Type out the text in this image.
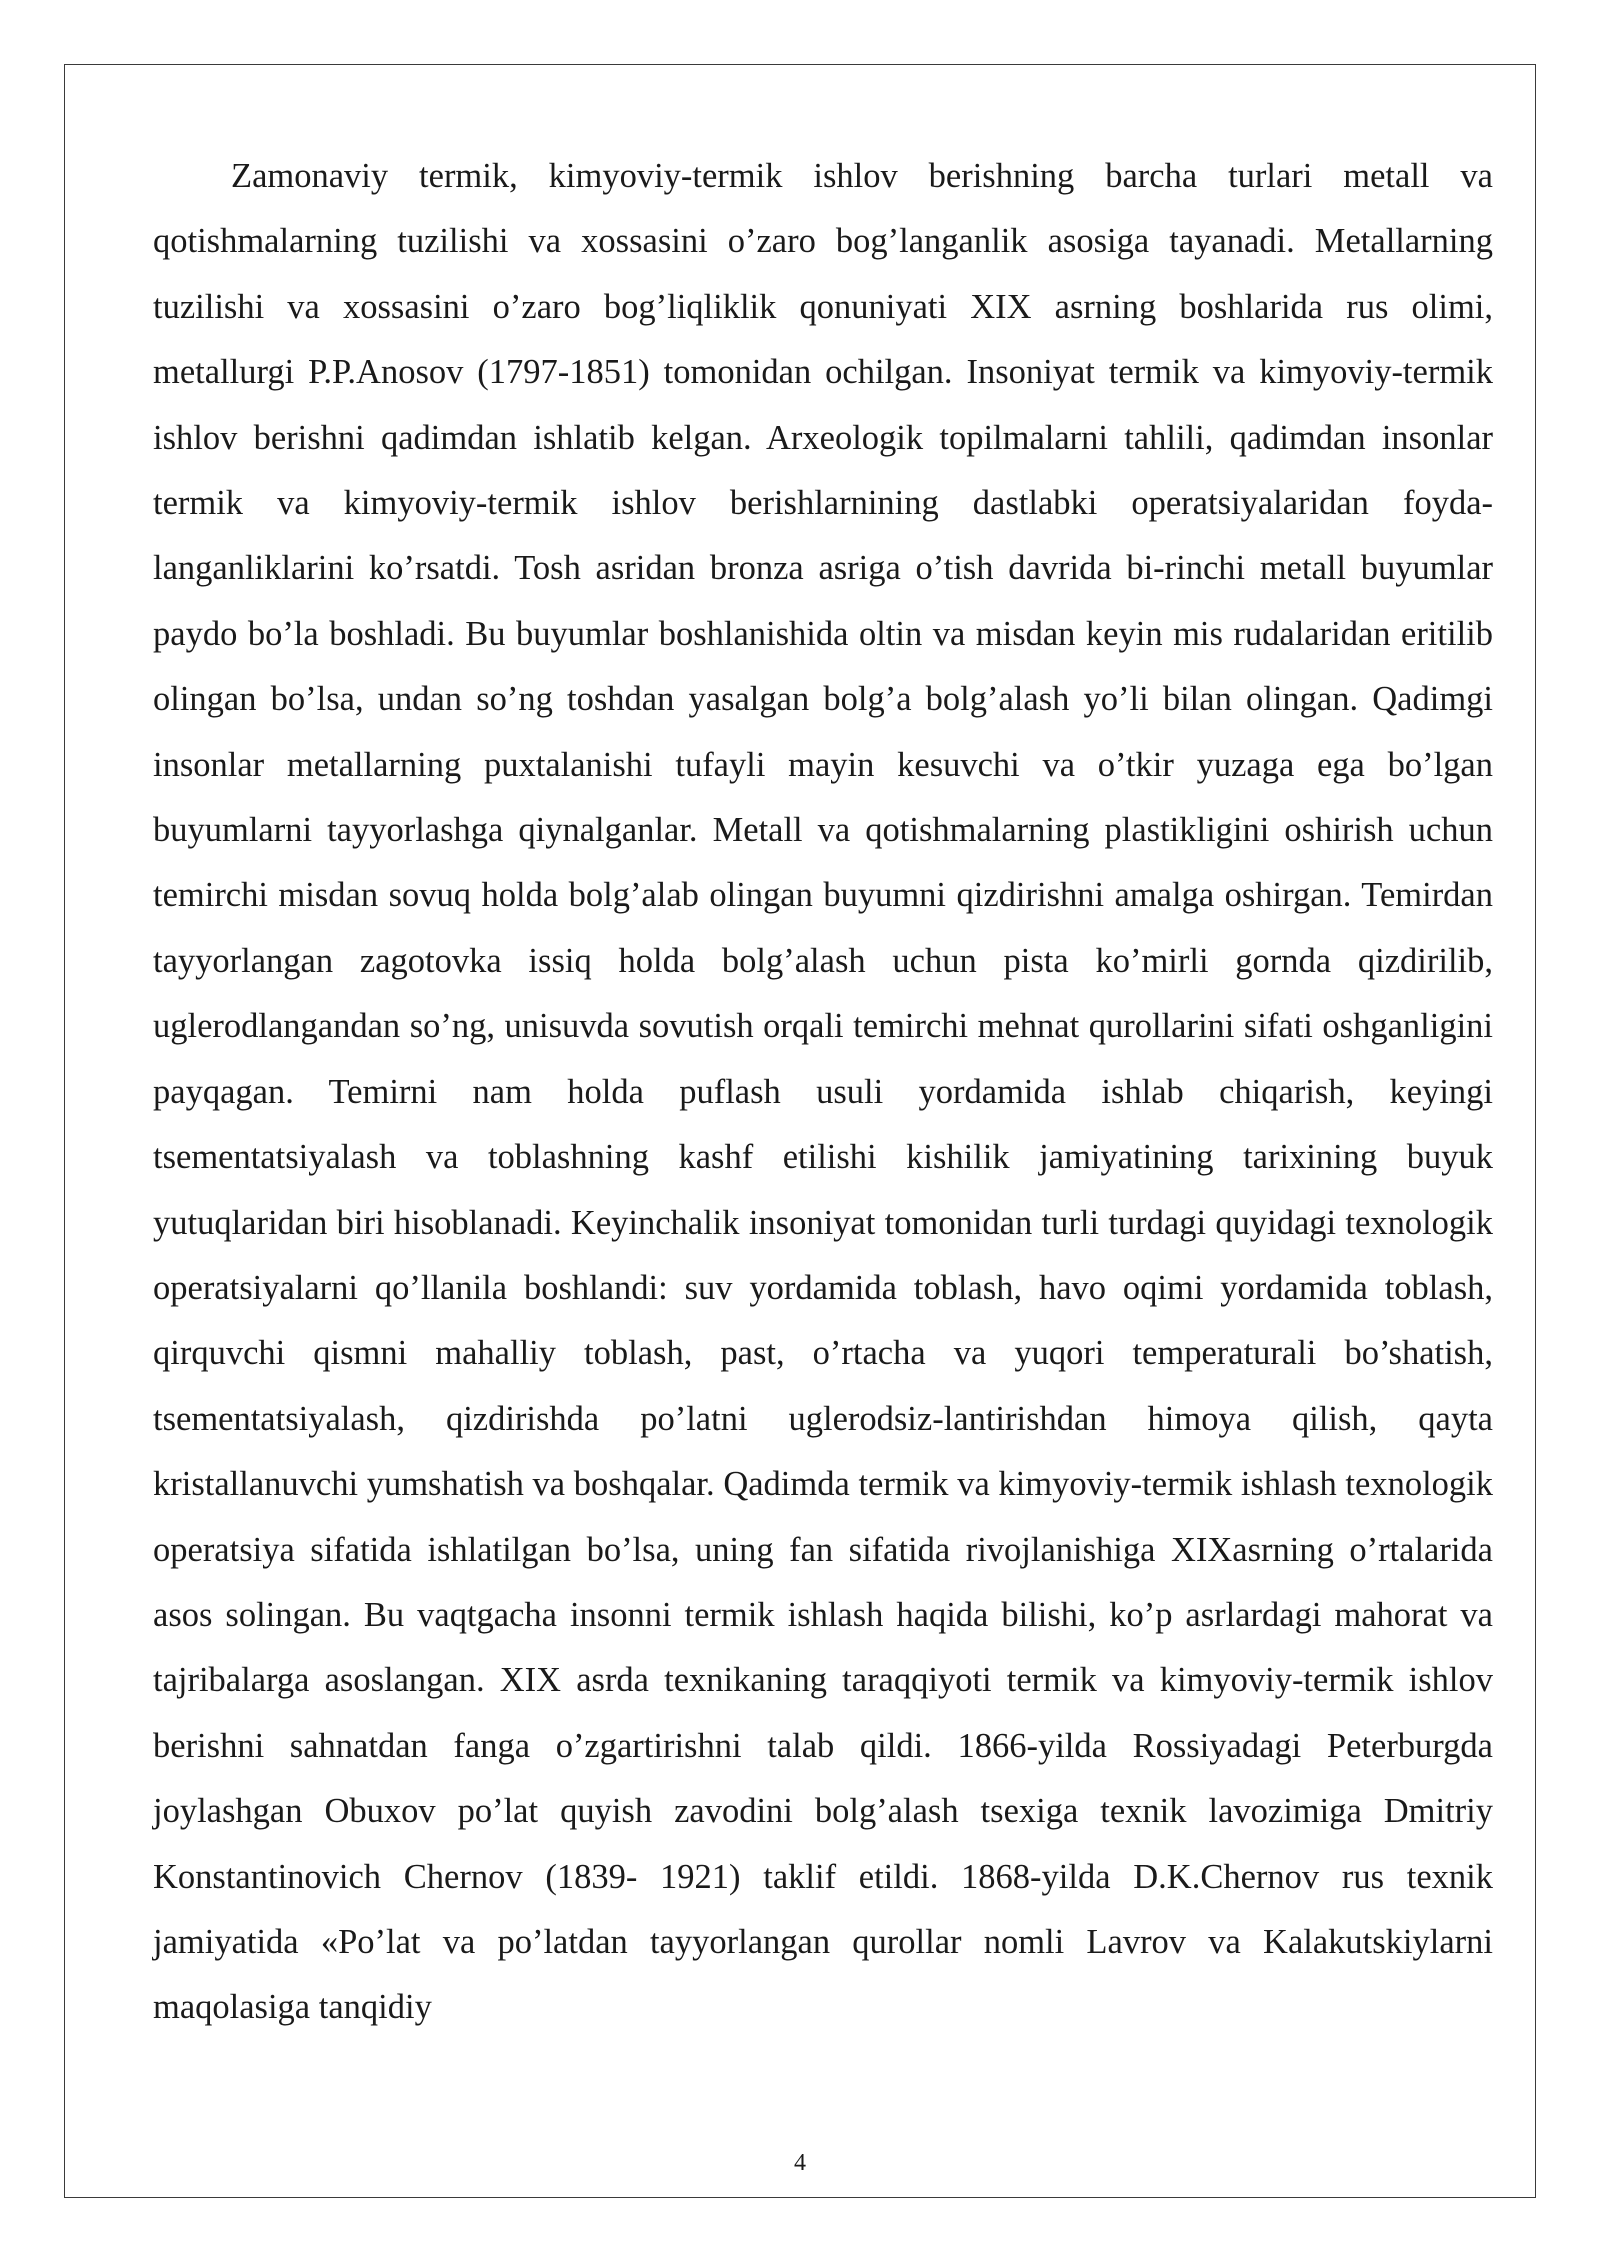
Zamonaviy termik, kimyoviy-termik ishlov berishning barcha turlari metall va qotishmalarning tuzilishi va xossasini o’zaro bog’langanlik asosiga tayanadi. Metallarning tuzilishi va xossasini o’zaro bog’liqliklik qonuniyati XIX asrning boshlarida rus olimi, metallurgi P.P.Anosov (1797-1851) tomonidan ochilgan. Insoniyat termik va kimyoviy-termik ishlov berishni qadimdan ishlatib kelgan. Arxeologik topilmalarni tahlili, qadimdan insonlar termik va kimyoviy-termik ishlov berishlarnining dastlabki operatsiyalaridan foyda-langanliklarini ko’rsatdi. Tosh asridan bronza asriga o’tish davrida bi-rinchi metall buyumlar paydo bo’la boshladi. Bu buyumlar boshlanishida oltin va misdan keyin mis rudalaridan eritilib olingan bo’lsa, undan so’ng toshdan yasalgan bolg’a bolg’alash yo’li bilan olingan. Qadimgi insonlar metallarning puxtalanishi tufayli mayin kesuvchi va o’tkir yuzaga ega bo’lgan buyumlarni tayyorlashga qiynalganlar. Metall va qotishmalarning plastikligini oshirish uchun temirchi misdan sovuq holda bolg’alab olingan buyumni qizdirishni amalga oshirgan. Temirdan tayyorlangan zagotovka issiq holda bolg’alash uchun pista ko’mirli gornda qizdirilib, uglerodlangandan so’ng, unisuvda sovutish orqali temirchi mehnat qurollarini sifati oshganligini payqagan. Temirni nam holda puflash usuli yordamida ishlab chiqarish, keyingi tsementatsiyalash va toblashning kashf etilishi kishilik jamiyatining tarixining buyuk yutuqlaridan biri hisoblanadi. Keyinchalik insoniyat tomonidan turli turdagi quyidagi texnologik operatsiyalarni qo’llanila boshlandi: suv yordamida toblash, havo oqimi yordamida toblash, qirquvchi qismni mahalliy toblash, past, o’rtacha va yuqori temperaturali bo’shatish, tsementatsiyalash, qizdirishda po’latni uglerodsiz-lantirishdan himoya qilish, qayta kristallanuvchi yumshatish va boshqalar. Qadimda termik va kimyoviy-termik ishlash texnologik operatsiya sifatida ishlatilgan bo’lsa, uning fan sifatida rivojlanishiga XIXasrning o’rtalarida asos solingan. Bu vaqtgacha insonni termik ishlash haqida bilishi, ko’p asrlardagi mahorat va tajribalarga asoslangan. XIX asrda texnikaning taraqqiyoti termik va kimyoviy-termik ishlov berishni sahnatdan fanga o’zgartirishni talab qildi. 1866-yilda Rossiyadagi Peterburgda joylashgan Obuxov po’lat quyish zavodini bolg’alash tsexiga texnik lavozimiga Dmitriy Konstantinovich Chernov (1839- 1921) taklif etildi. 1868-yilda D.K.Chernov rus texnik jamiyatida «Po’lat va po’latdan tayyorlangan qurollar nomli Lavrov va Kalakutskiylarni maqolasiga tanqidiy

4
